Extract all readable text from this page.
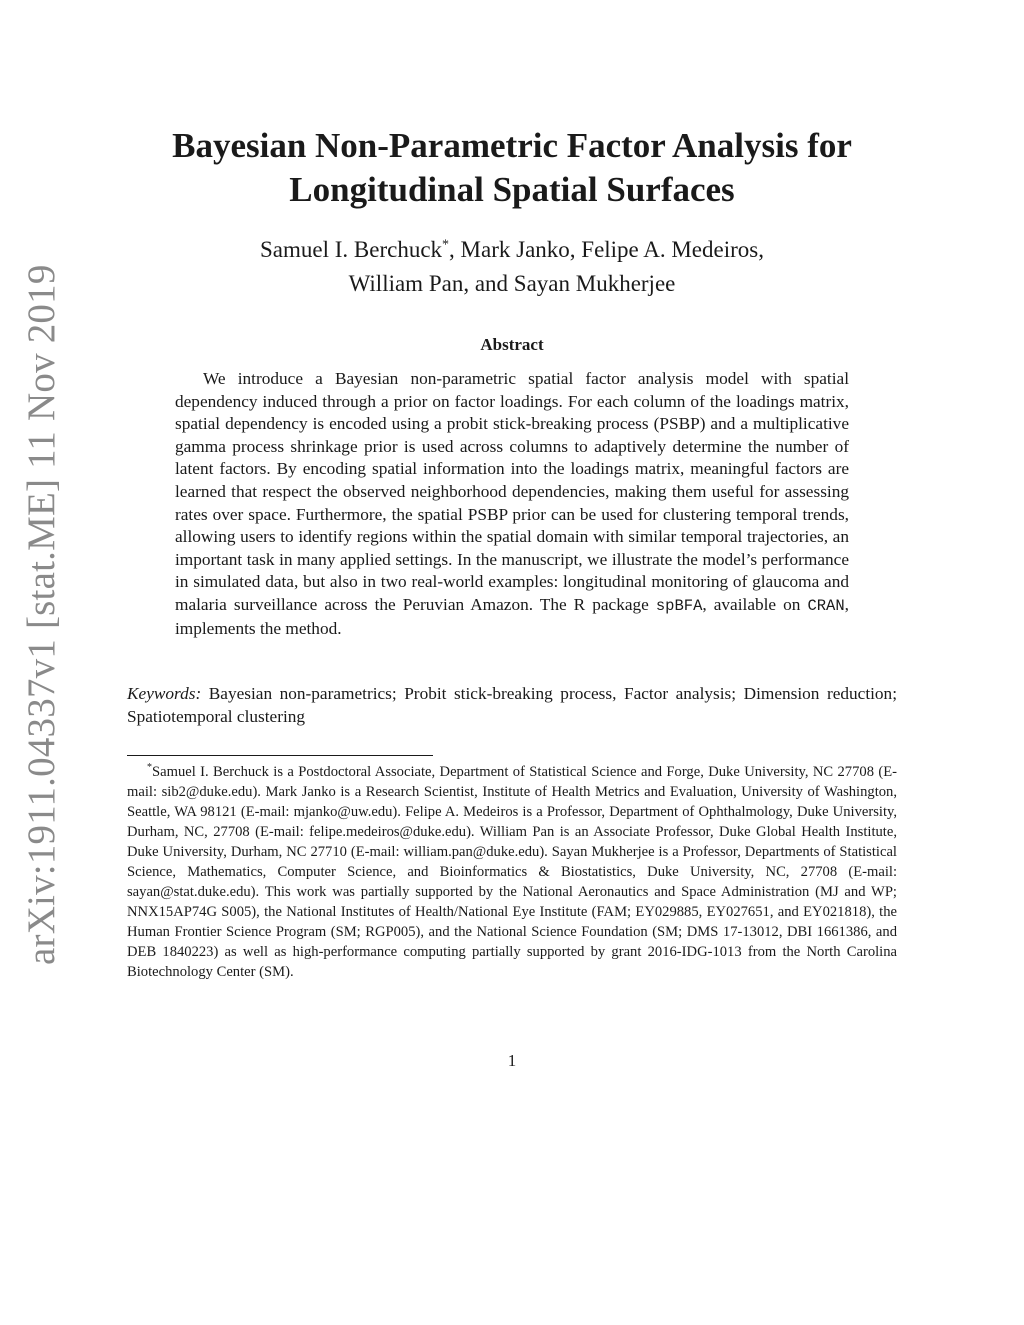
arXiv:1911.04337v1 [stat.ME] 11 Nov 2019
Bayesian Non-Parametric Factor Analysis for
Longitudinal Spatial Surfaces
Samuel I. Berchuck*, Mark Janko, Felipe A. Medeiros,
William Pan, and Sayan Mukherjee
Abstract
We introduce a Bayesian non-parametric spatial factor analysis model with spatial dependency induced through a prior on factor loadings. For each column of the loadings matrix, spatial dependency is encoded using a probit stick-breaking process (PSBP) and a multiplicative gamma process shrinkage prior is used across columns to adaptively determine the number of latent factors. By encoding spatial information into the loadings matrix, meaningful factors are learned that respect the observed neighborhood dependencies, making them useful for assessing rates over space. Furthermore, the spatial PSBP prior can be used for clustering temporal trends, allowing users to identify regions within the spatial domain with similar temporal trajectories, an important task in many applied settings. In the manuscript, we illustrate the model’s performance in simulated data, but also in two real-world examples: longitudinal monitoring of glaucoma and malaria surveillance across the Peruvian Amazon. The R package spBFA, available on CRAN, implements the method.
Keywords: Bayesian non-parametrics; Probit stick-breaking process, Factor analysis; Dimension reduction; Spatiotemporal clustering
*Samuel I. Berchuck is a Postdoctoral Associate, Department of Statistical Science and Forge, Duke University, NC 27708 (E-mail: sib2@duke.edu). Mark Janko is a Research Scientist, Institute of Health Metrics and Evaluation, University of Washington, Seattle, WA 98121 (E-mail: mjanko@uw.edu). Felipe A. Medeiros is a Professor, Department of Ophthalmology, Duke University, Durham, NC, 27708 (E-mail: felipe.medeiros@duke.edu). William Pan is an Associate Professor, Duke Global Health Institute, Duke University, Durham, NC 27710 (E-mail: william.pan@duke.edu). Sayan Mukherjee is a Professor, Departments of Statistical Science, Mathematics, Computer Science, and Bioinformatics & Biostatistics, Duke University, NC, 27708 (E-mail: sayan@stat.duke.edu). This work was partially supported by the National Aeronautics and Space Administration (MJ and WP; NNX15AP74G S005), the National Institutes of Health/National Eye Institute (FAM; EY029885, EY027651, and EY021818), the Human Frontier Science Program (SM; RGP005), and the National Science Foundation (SM; DMS 17-13012, DBI 1661386, and DEB 1840223) as well as high-performance computing partially supported by grant 2016-IDG-1013 from the North Carolina Biotechnology Center (SM).
1
